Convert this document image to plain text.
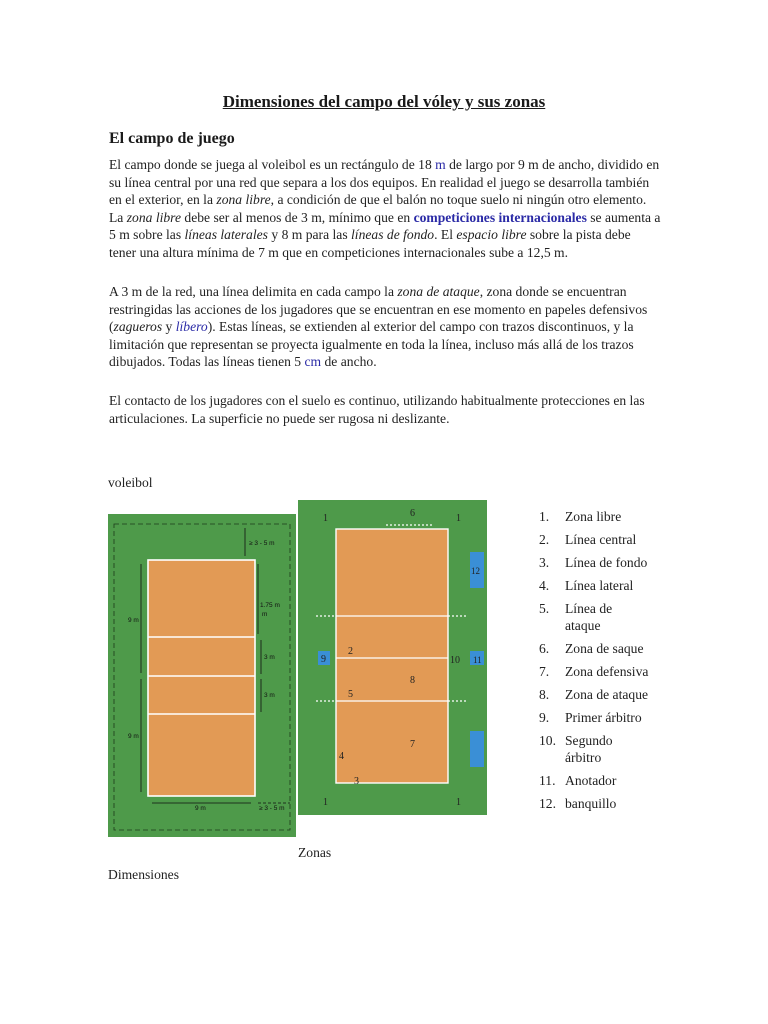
Dimensiones del campo del vóley y sus zonas
El campo de juego
El campo donde se juega al voleibol es un rectángulo de 18 m de largo por 9 m de ancho, dividido en su línea central por una red que separa a los dos equipos. En realidad el juego se desarrolla también en el exterior, en la zona libre, a condición de que el balón no toque suelo ni ningún otro elemento. La zona libre debe ser al menos de 3 m, mínimo que en competiciones internacionales se aumenta a 5 m sobre las líneas laterales y 8 m para las líneas de fondo. El espacio libre sobre la pista debe tener una altura mínima de 7 m que en competiciones internacionales sube a 12,5 m.
A 3 m de la red, una línea delimita en cada campo la zona de ataque, zona donde se encuentran restringidas las acciones de los jugadores que se encuentran en ese momento en papeles defensivos (zagueros y líbero). Estas líneas, se extienden al exterior del campo con trazos discontinuos, y la limitación que representan se proyecta igualmente en toda la línea, incluso más allá de los trazos dibujados. Todas las líneas tienen 5 cm de ancho.
El contacto de los jugadores con el suelo es continuo, utilizando habitualmente protecciones en las articulaciones. La superficie no puede ser rugosa ni deslizante.
voleibol
≥ 3 - 5 m
9 m
1.75 m
m
3 m
3 m
9 m
9 m	≥ 3 - 5 m
1	6	1
12
9	10 11
2
5
8
7
4
3
1	1
Zonas
Dimensiones
1. Zona libre
2. Línea central
3. Línea de fondo
4. Línea lateral
5. Línea de ataque
6. Zona de saque
7. Zona defensiva
8. Zona de ataque
9. Primer árbitro
10. Segundo árbitro
11. Anotador
12. banquillo
